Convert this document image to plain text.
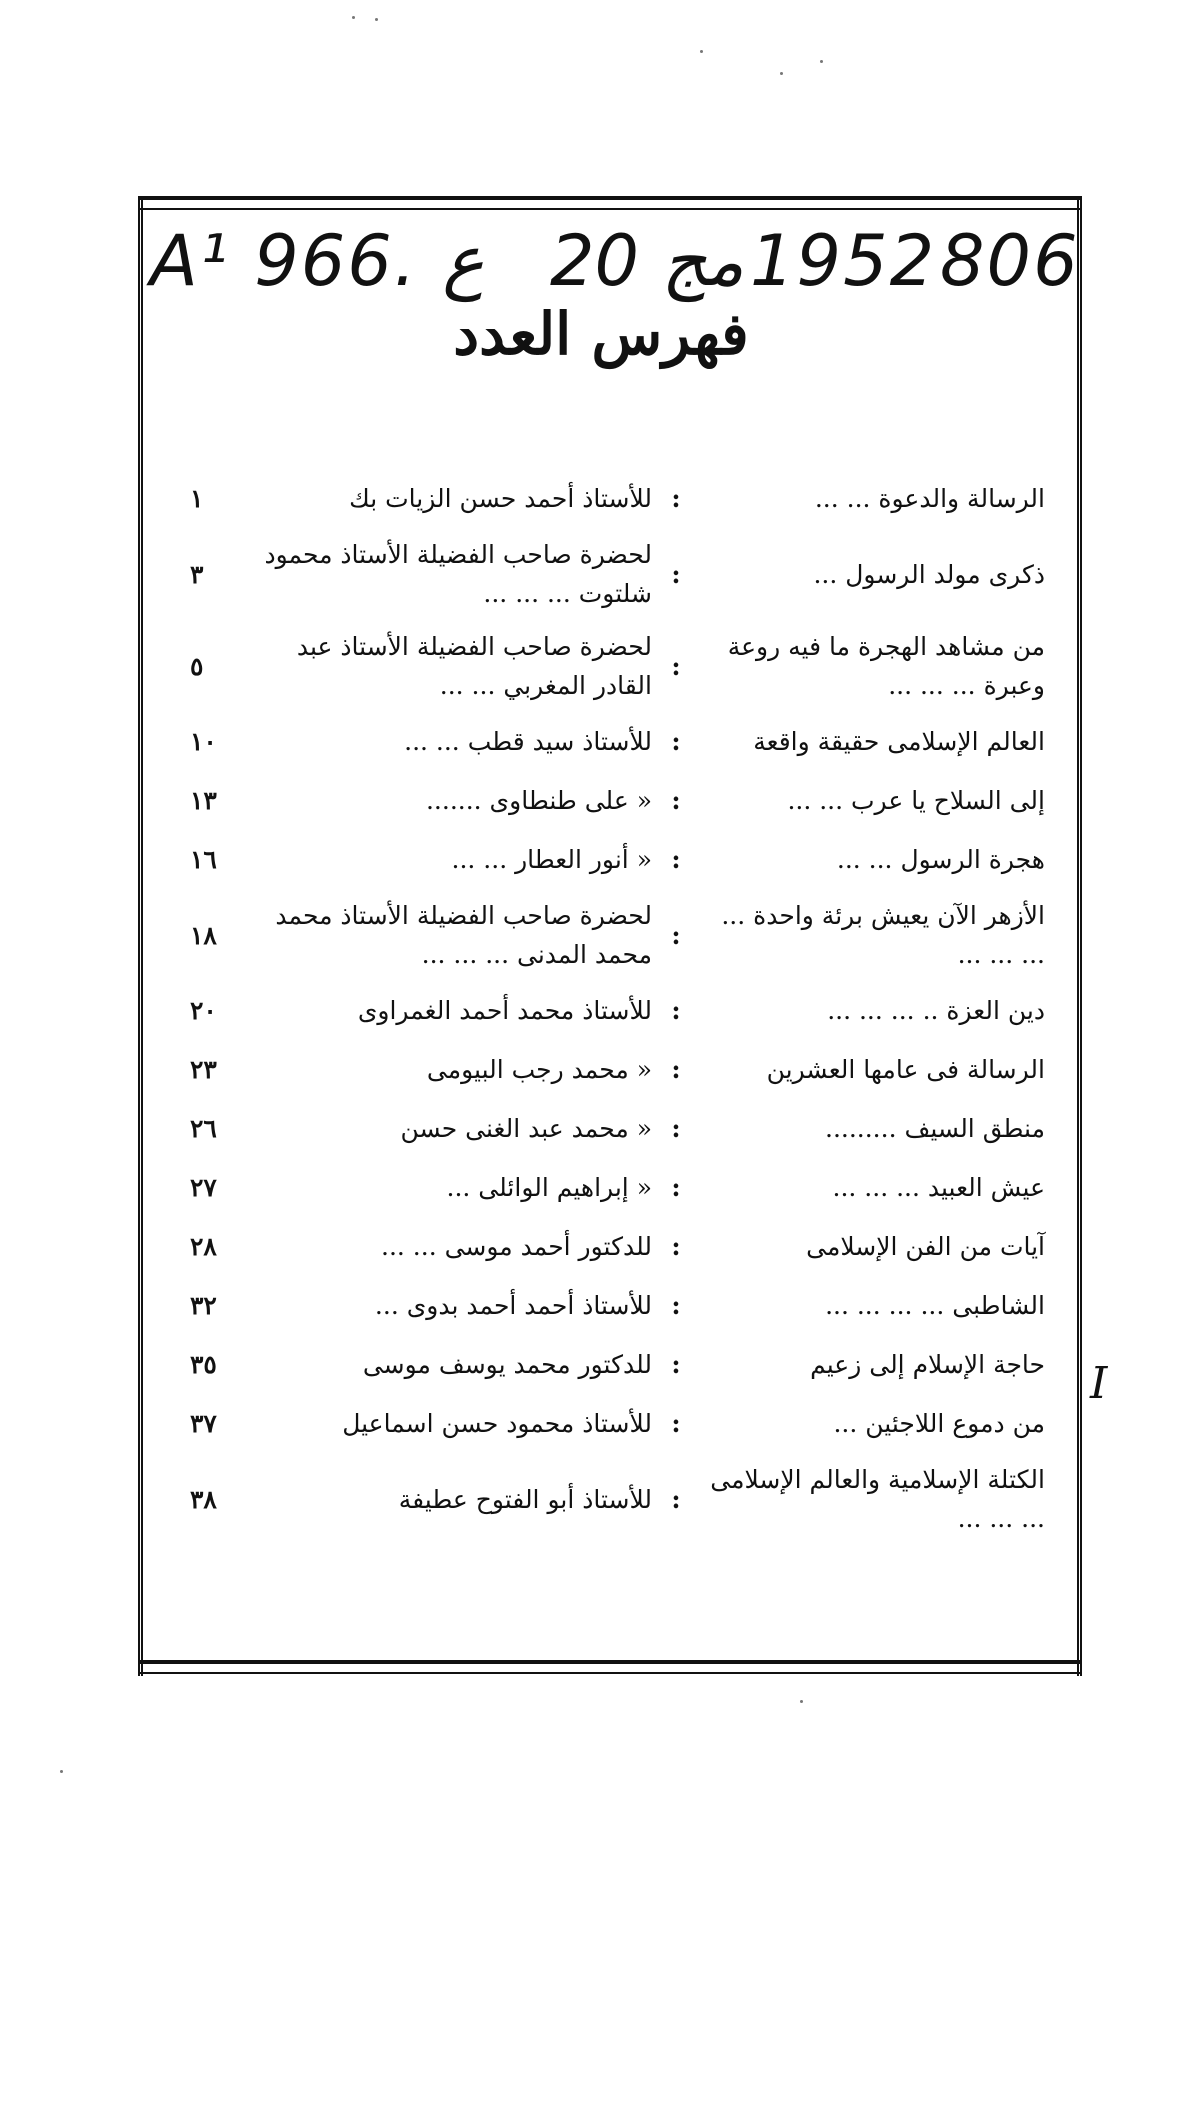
A¹ 966. ع مج 20 1952 806
فهرس العدد
الرسالة والدعوة ... ...
:
للأستاذ أحمد حسن الزيات بك
١
ذكرى مولد الرسول ...
:
لحضرة صاحب الفضيلة الأستاذ محمود شلتوت ... ... ...
٣
من مشاهد الهجرة ما فيه روعة وعبرة ... ... ...
:
لحضرة صاحب الفضيلة الأستاذ عبد القادر المغربي ... ...
٥
العالم الإسلامى حقيقة واقعة
:
للأستاذ سيد قطب ... ...
١٠
إلى السلاح يا عرب ... ...
:
« على طنطاوى .......
١٣
هجرة الرسول ... ...
:
« أنور العطار ... ...
١٦
الأزهر الآن يعيش برئة واحدة ... ... ... ...
:
لحضرة صاحب الفضيلة الأستاذ محمد محمد المدنى ... ... ...
١٨
دين العزة .. ... ... ...
:
للأستاذ محمد أحمد الغمراوى
٢٠
الرسالة فى عامها العشرين
:
« محمد رجب البيومى
٢٣
منطق السيف .........
:
« محمد عبد الغنى حسن
٢٦
عيش العبيد ... ... ...
:
« إبراهيم الوائلى ...
٢٧
آيات من الفن الإسلامى
:
للدكتور أحمد موسى ... ...
٢٨
الشاطبى ... ... ... ...
:
للأستاذ أحمد أحمد بدوى ...
٣٢
حاجة الإسلام إلى زعيم
:
للدكتور محمد يوسف موسى
٣٥
من دموع اللاجئين ...
:
للأستاذ محمود حسن اسماعيل
٣٧
الكتلة الإسلامية والعالم الإسلامى ... ... ...
:
للأستاذ أبو الفتوح عطيفة
٣٨
I
